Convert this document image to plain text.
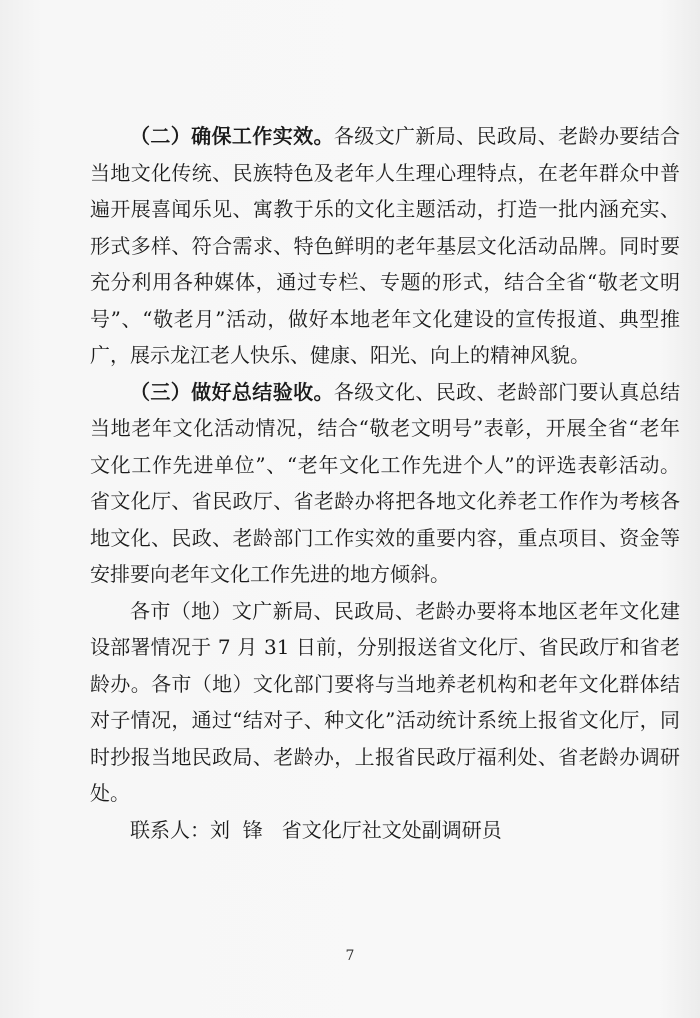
（二）确保工作实效。各级文广新局、民政局、老龄办要结合当地文化传统、民族特色及老年人生理心理特点，在老年群众中普遍开展喜闻乐见、寓教于乐的文化主题活动，打造一批内涵充实、形式多样、符合需求、特色鲜明的老年基层文化活动品牌。同时要充分利用各种媒体，通过专栏、专题的形式，结合全省“敬老文明号”、“敬老月”活动，做好本地老年文化建设的宣传报道、典型推广，展示龙江老人快乐、健康、阳光、向上的精神风貌。

（三）做好总结验收。各级文化、民政、老龄部门要认真总结当地老年文化活动情况，结合“敬老文明号”表彰，开展全省“老年文化工作先进单位”、“老年文化工作先进个人”的评选表彰活动。省文化厅、省民政厅、省老龄办将把各地文化养老工作作为考核各地文化、民政、老龄部门工作实效的重要内容，重点项目、资金等安排要向老年文化工作先进的地方倾斜。

各市（地）文广新局、民政局、老龄办要将本地区老年文化建设部署情况于 7 月 31 日前，分别报送省文化厅、省民政厅和省老龄办。各市（地）文化部门要将与当地养老机构和老年文化群体结对子情况，通过“结对子、种文化”活动统计系统上报省文化厅，同时抄报当地民政局、老龄办，上报省民政厅福利处、省老龄办调研处。

联系人：刘  锋 省文化厅社文处副调研员

7
